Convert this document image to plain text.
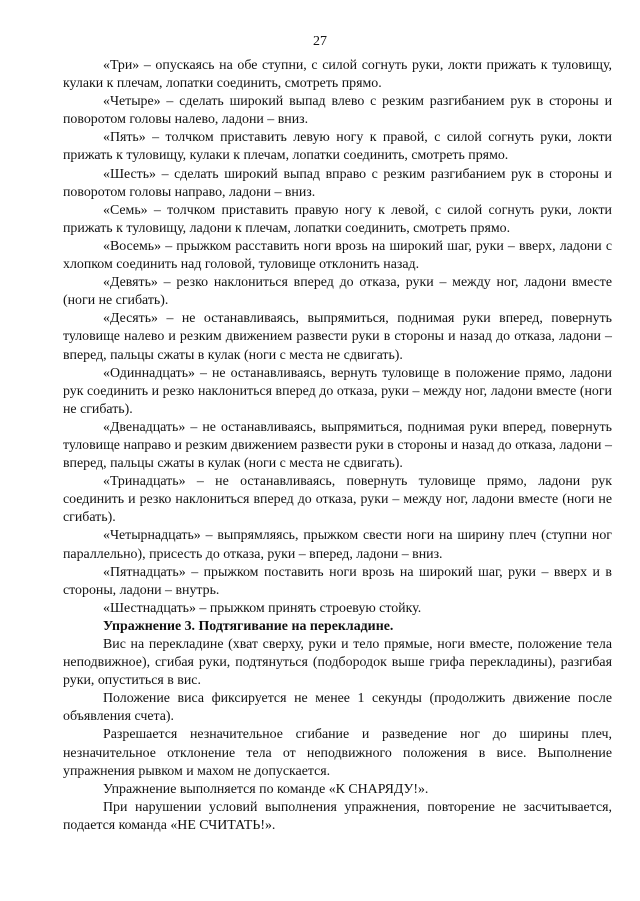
27

«Три» – опускаясь на обе ступни, с силой согнуть руки, локти прижать к туловищу, кулаки к плечам, лопатки соединить, смотреть прямо.

«Четыре» – сделать широкий выпад влево с резким разгибанием рук в стороны и поворотом головы налево, ладони – вниз.

«Пять» – толчком приставить левую ногу к правой, с силой согнуть руки, локти прижать к туловищу, кулаки к плечам, лопатки соединить, смотреть прямо.

«Шесть» – сделать широкий выпад вправо с резким разгибанием рук в стороны и поворотом головы направо, ладони – вниз.

«Семь» – толчком приставить правую ногу к левой, с силой согнуть руки, локти прижать к туловищу, ладони к плечам, лопатки соединить, смотреть прямо.

«Восемь» – прыжком расставить ноги врозь на широкий шаг, руки – вверх, ладони с хлопком соединить над головой, туловище отклонить назад.

«Девять» – резко наклониться вперед до отказа, руки – между ног, ладони вместе (ноги не сгибать).

«Десять» – не останавливаясь, выпрямиться, поднимая руки вперед, повернуть туловище налево и резким движением развести руки в стороны и назад до отказа, ладони – вперед, пальцы сжаты в кулак (ноги с места не сдвигать).

«Одиннадцать» – не останавливаясь, вернуть туловище в положение прямо, ладони рук соединить и резко наклониться вперед до отказа, руки – между ног, ладони вместе (ноги не сгибать).

«Двенадцать» – не останавливаясь, выпрямиться, поднимая руки вперед, повернуть туловище направо и резким движением развести руки в стороны и назад до отказа, ладони – вперед, пальцы сжаты в кулак (ноги с места не сдвигать).

«Тринадцать» – не останавливаясь, повернуть туловище прямо, ладони рук соединить и резко наклониться вперед до отказа, руки – между ног, ладони вместе (ноги не сгибать).

«Четырнадцать» – выпрямляясь, прыжком свести ноги на ширину плеч (ступни ног параллельно), присесть до отказа, руки – вперед, ладони – вниз.

«Пятнадцать» – прыжком поставить ноги врозь на широкий шаг, руки – вверх и в стороны, ладони – внутрь.

«Шестнадцать» – прыжком принять строевую стойку.

Упражнение 3. Подтягивание на перекладине.

Вис на перекладине (хват сверху, руки и тело прямые, ноги вместе, положение тела неподвижное), сгибая руки, подтянуться (подбородок выше грифа перекладины), разгибая руки, опуститься в вис.

Положение виса фиксируется не менее 1 секунды (продолжить движение после объявления счета).

Разрешается незначительное сгибание и разведение ног до ширины плеч, незначительное отклонение тела от неподвижного положения в висе. Выполнение упражнения рывком и махом не допускается.

Упражнение выполняется по команде «К СНАРЯДУ!».

При нарушении условий выполнения упражнения, повторение не засчитывается, подается команда «НЕ СЧИТАТЬ!».
